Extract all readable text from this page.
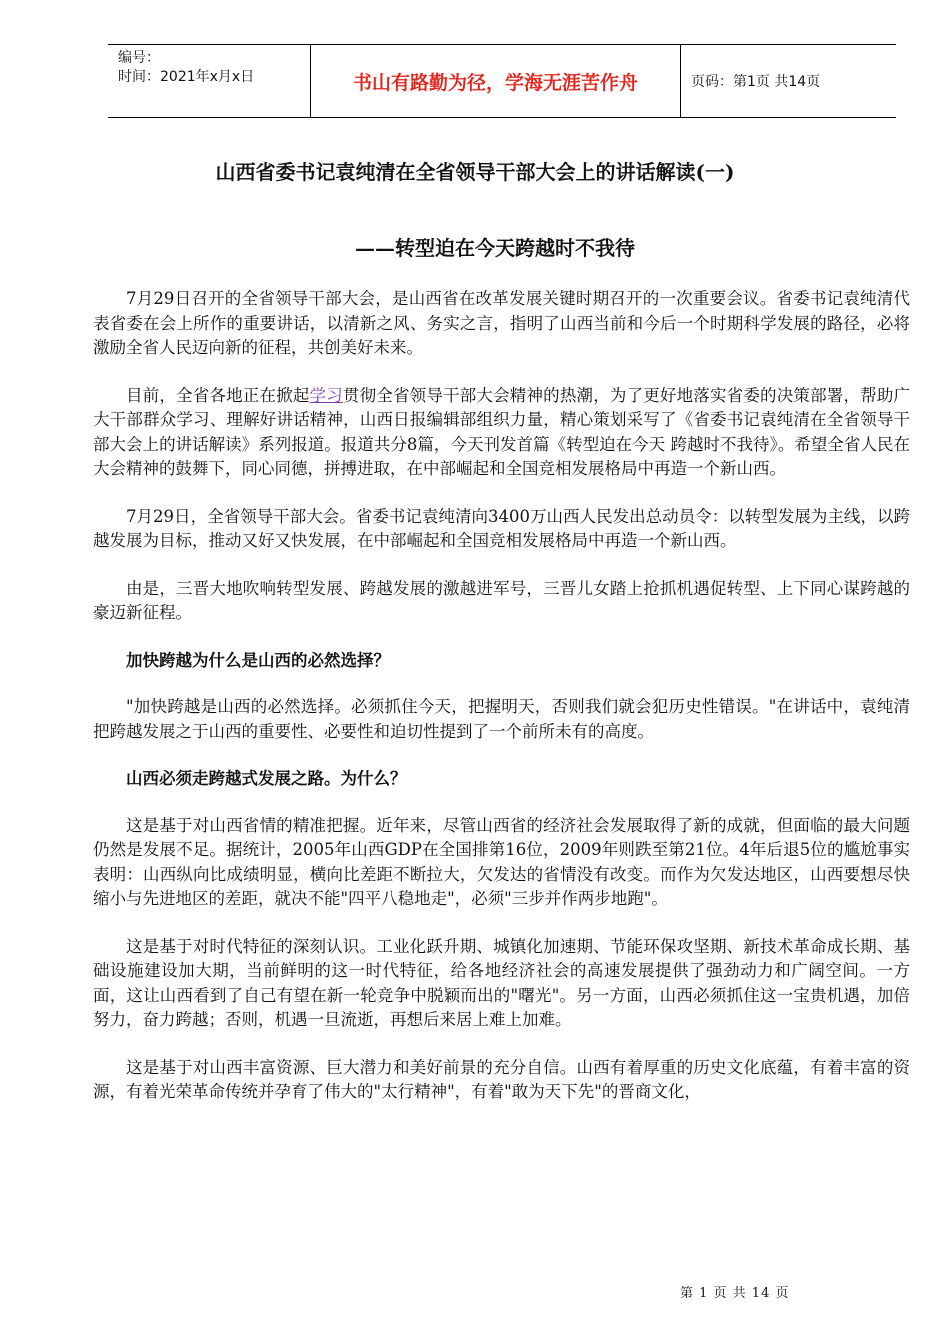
编号：
时间：2021年x月x日	书山有路勤为径，学海无涯苦作舟	页码：第1页 共14页
山西省委书记袁纯清在全省领导干部大会上的讲话解读(一)
——转型迫在今天跨越时不我待

7月29日召开的全省领导干部大会，是山西省在改革发展关键时期召开的一次重要会议。省委书记袁纯清代表省委在会上所作的重要讲话，以清新之风、务实之言，指明了山西当前和今后一个时期科学发展的路径，必将激励全省人民迈向新的征程，共创美好未来。

目前，全省各地正在掀起学习贯彻全省领导干部大会精神的热潮，为了更好地落实省委的决策部署，帮助广大干部群众学习、理解好讲话精神，山西日报编辑部组织力量，精心策划采写了《省委书记袁纯清在全省领导干部大会上的讲话解读》系列报道。报道共分8篇，今天刊发首篇《转型迫在今天 跨越时不我待》。希望全省人民在大会精神的鼓舞下，同心同德，拼搏进取，在中部崛起和全国竞相发展格局中再造一个新山西。

7月29日，全省领导干部大会。省委书记袁纯清向3400万山西人民发出总动员令：以转型发展为主线，以跨越发展为目标，推动又好又快发展，在中部崛起和全国竞相发展格局中再造一个新山西。

由是，三晋大地吹响转型发展、跨越发展的激越进军号，三晋儿女踏上抢抓机遇促转型、上下同心谋跨越的豪迈新征程。

加快跨越为什么是山西的必然选择？

"加快跨越是山西的必然选择。必须抓住今天，把握明天，否则我们就会犯历史性错误。"在讲话中，袁纯清把跨越发展之于山西的重要性、必要性和迫切性提到了一个前所未有的高度。

山西必须走跨越式发展之路。为什么？

这是基于对山西省情的精准把握。近年来，尽管山西省的经济社会发展取得了新的成就，但面临的最大问题仍然是发展不足。据统计，2005年山西GDP在全国排第16位，2009年则跌至第21位。4年后退5位的尴尬事实表明：山西纵向比成绩明显，横向比差距不断拉大，欠发达的省情没有改变。而作为欠发达地区，山西要想尽快缩小与先进地区的差距，就决不能"四平八稳地走"，必须"三步并作两步地跑"。

这是基于对时代特征的深刻认识。工业化跃升期、城镇化加速期、节能环保攻坚期、新技术革命成长期、基础设施建设加大期，当前鲜明的这一时代特征，给各地经济社会的高速发展提供了强劲动力和广阔空间。一方面，这让山西看到了自己有望在新一轮竞争中脱颖而出的"曙光"。另一方面，山西必须抓住这一宝贵机遇，加倍努力，奋力跨越；否则，机遇一旦流逝，再想后来居上难上加难。

这是基于对山西丰富资源、巨大潜力和美好前景的充分自信。山西有着厚重的历史文化底蕴，有着丰富的资源，有着光荣革命传统并孕育了伟大的"太行精神"，有着"敢为天下先"的晋商文化，

第 1 页 共 14 页
